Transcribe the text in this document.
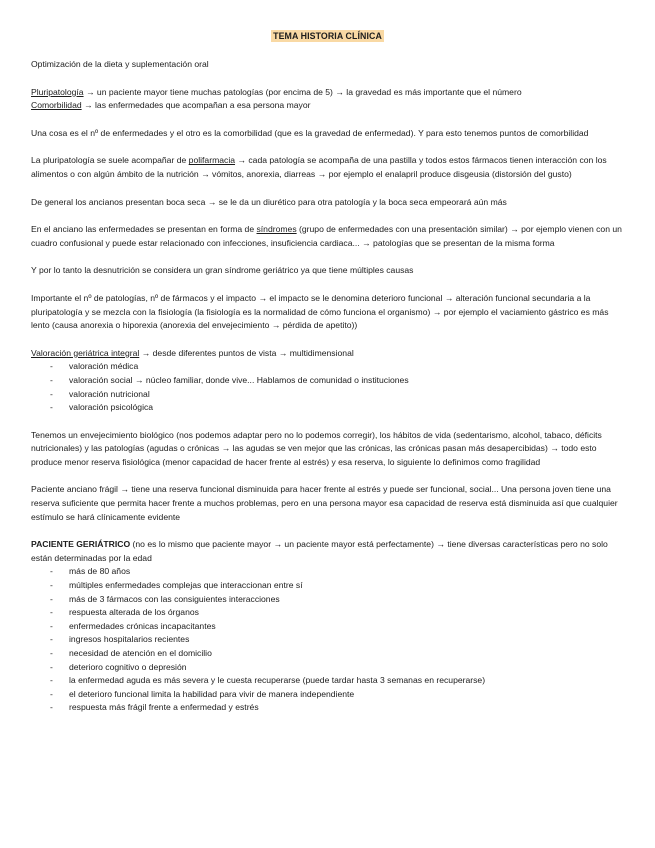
TEMA HISTORIA CLÍNICA

Optimización de la dieta y suplementación oral

Pluripatología → un paciente mayor tiene muchas patologías (por encima de 5) → la gravedad es más importante que el número

Comorbilidad → las enfermedades que acompañan a esa persona mayor

Una cosa es el nº de enfermedades y el otro es la comorbilidad (que es la gravedad de enfermedad). Y para esto tenemos puntos de comorbilidad

La pluripatología se suele acompañar de polifarmacia → cada patología se acompaña de una pastilla y todos estos fármacos tienen interacción con los alimentos o con algún ámbito de la nutrición → vómitos, anorexia, diarreas → por ejemplo el enalapril produce disgeusia (distorsión del gusto)

De general los ancianos presentan boca seca → se le da un diurético para otra patología y la boca seca empeorará aún más

En el anciano las enfermedades se presentan en forma de síndromes (grupo de enfermedades con una presentación similar) → por ejemplo vienen con un cuadro confusional y puede estar relacionado con infecciones, insuficiencia cardiaca... → patologías que se presentan de la misma forma

Y por lo tanto la desnutrición se considera un gran síndrome geriátrico ya que tiene múltiples causas

Importante el nº de patologías, nº de fármacos y el impacto → el impacto se le denomina deterioro funcional → alteración funcional secundaria a la pluripatología y se mezcla con la fisiología (la fisiología es la normalidad de cómo funciona el organismo) → por ejemplo el vaciamiento gástrico es más lento (causa anorexia o hiporexia (anorexia del envejecimiento → pérdida de apetito))

Valoración geriátrica integral → desde diferentes puntos de vista → multidimensional

- valoración médica
- valoración social → núcleo familiar, donde vive... Hablamos de comunidad o instituciones
- valoración nutricional
- valoración psicológica

Tenemos un envejecimiento biológico (nos podemos adaptar pero no lo podemos corregir), los hábitos de vida (sedentarismo, alcohol, tabaco, déficits nutricionales) y las patologías (agudas o crónicas → las agudas se ven mejor que las crónicas, las crónicas pasan más desapercibidas) → todo esto produce menor reserva fisiológica (menor capacidad de hacer frente al estrés) y esa reserva, lo siguiente lo definimos como fragilidad

Paciente anciano frágil → tiene una reserva funcional disminuida para hacer frente al estrés y puede ser funcional, social... Una persona joven tiene una reserva suficiente que permita hacer frente a muchos problemas, pero en una persona mayor esa capacidad de reserva está disminuida así que cualquier estímulo se hará clínicamente evidente

PACIENTE GERIÁTRICO (no es lo mismo que paciente mayor → un paciente mayor está perfectamente) → tiene diversas características pero no solo están determinadas por la edad

- más de 80 años
- múltiples enfermedades complejas que interaccionan entre sí
- más de 3 fármacos con las consiguientes interacciones
- respuesta alterada de los órganos
- enfermedades crónicas incapacitantes
- ingresos hospitalarios recientes
- necesidad de atención en el domicilio
- deterioro cognitivo o depresión
- la enfermedad aguda es más severa y le cuesta recuperarse (puede tardar hasta 3 semanas en recuperarse)
- el deterioro funcional limita la habilidad para vivir de manera independiente
- respuesta más frágil frente a enfermedad y estrés
